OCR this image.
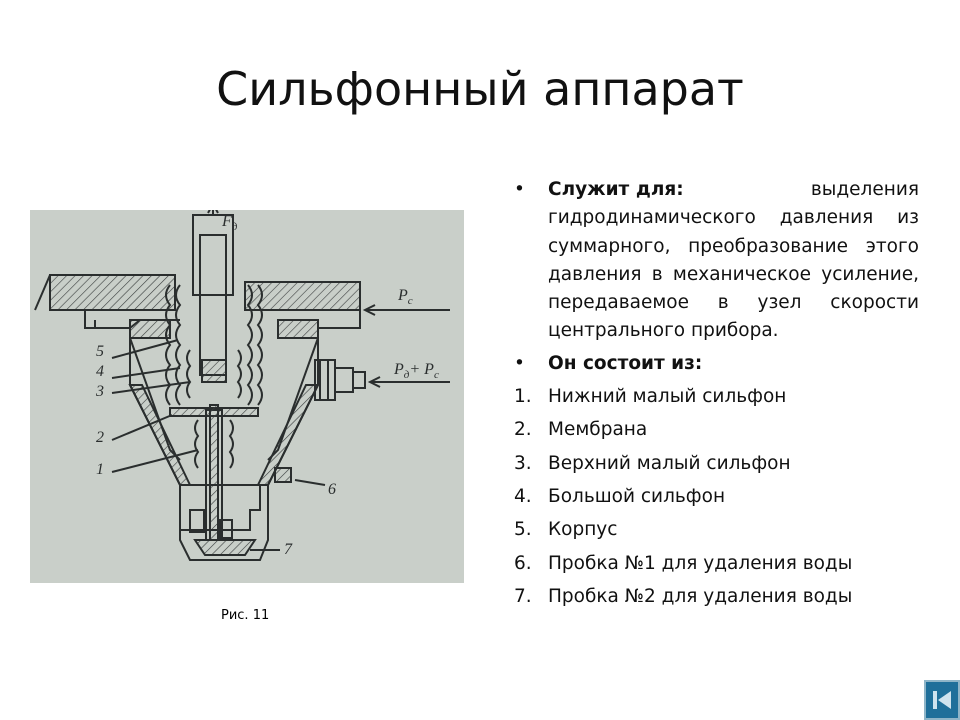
Сильфонный аппарат
$F_д$
$P_c$
$P_д+ P_c$
5
4
3
2
1
6
7
Рис. 11
• Служит для:	выделения гидродинамического давления из суммарного, преобразование этого давления в механическое усиление, передаваемое в узел скорости центрального прибора.
• Он состоит из:
1. Нижний малый сильфон
2. Мембрана
3. Верхний малый сильфон
4. Большой сильфон
5. Корпус
6. Пробка №1 для удаления воды
7. Пробка №2 для удаления воды
